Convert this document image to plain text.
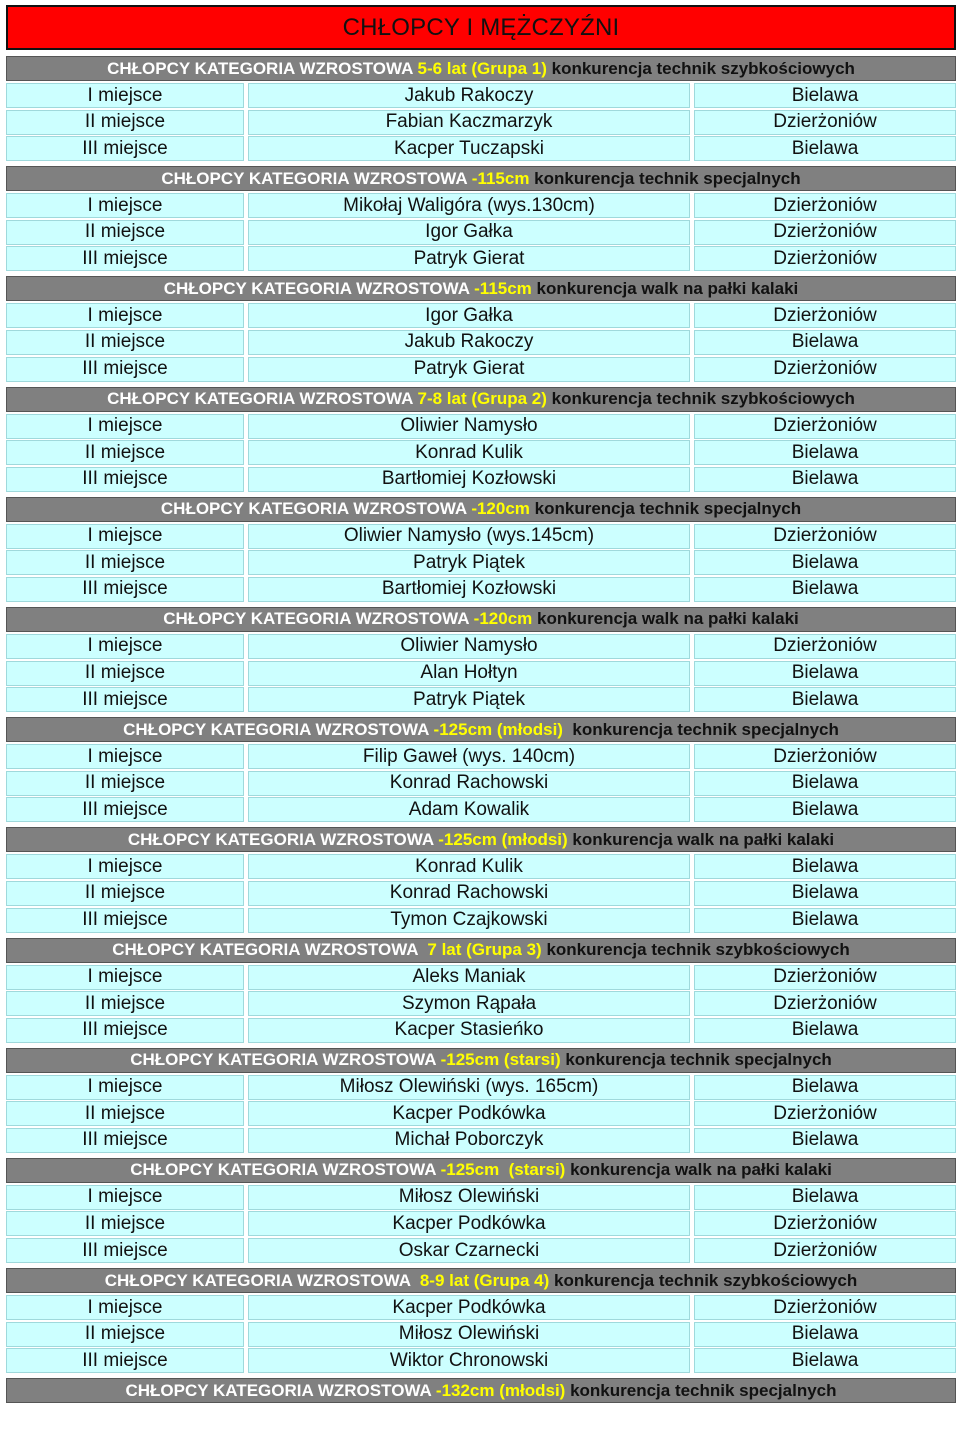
CHŁOPCY I MĘŻCZYŹNI
CHŁOPCY KATEGORIA WZROSTOWA 5-6 lat (Grupa 1) konkurencja technik szybkościowych
I miejsce	Jakub Rakoczy	Bielawa
II miejsce	Fabian Kaczmarzyk	Dzierżoniów
III miejsce	Kacper Tuczapski	Bielawa
CHŁOPCY KATEGORIA WZROSTOWA -115cm konkurencja technik specjalnych
I miejsce	Mikołaj Waligóra (wys.130cm)	Dzierżoniów
II miejsce	Igor Gałka	Dzierżoniów
III miejsce	Patryk Gierat	Dzierżoniów
CHŁOPCY KATEGORIA WZROSTOWA -115cm konkurencja walk na pałki kalaki
I miejsce	Igor Gałka	Dzierżoniów
II miejsce	Jakub Rakoczy	Bielawa
III miejsce	Patryk Gierat	Dzierżoniów
CHŁOPCY KATEGORIA WZROSTOWA 7-8 lat (Grupa 2) konkurencja technik szybkościowych
I miejsce	Oliwier Namysło	Dzierżoniów
II miejsce	Konrad Kulik	Bielawa
III miejsce	Bartłomiej Kozłowski	Bielawa
CHŁOPCY KATEGORIA WZROSTOWA -120cm konkurencja technik specjalnych
I miejsce	Oliwier Namysło (wys.145cm)	Dzierżoniów
II miejsce	Patryk Piątek	Bielawa
III miejsce	Bartłomiej Kozłowski	Bielawa
CHŁOPCY KATEGORIA WZROSTOWA -120cm konkurencja walk na pałki kalaki
I miejsce	Oliwier Namysło	Dzierżoniów
II miejsce	Alan Hołtyn	Bielawa
III miejsce	Patryk Piątek	Bielawa
CHŁOPCY KATEGORIA WZROSTOWA -125cm (młodsi) konkurencja technik specjalnych
I miejsce	Filip Gaweł (wys. 140cm)	Dzierżoniów
II miejsce	Konrad Rachowski	Bielawa
III miejsce	Adam Kowalik	Bielawa
CHŁOPCY KATEGORIA WZROSTOWA -125cm (młodsi) konkurencja walk na pałki kalaki
I miejsce	Konrad Kulik	Bielawa
II miejsce	Konrad Rachowski	Bielawa
III miejsce	Tymon Czajkowski	Bielawa
CHŁOPCY KATEGORIA WZROSTOWA 7 lat (Grupa 3) konkurencja technik szybkościowych
I miejsce	Aleks Maniak	Dzierżoniów
II miejsce	Szymon Rąpała	Dzierżoniów
III miejsce	Kacper Stasieńko	Bielawa
CHŁOPCY KATEGORIA WZROSTOWA -125cm (starsi) konkurencja technik specjalnych
I miejsce	Miłosz Olewiński (wys. 165cm)	Bielawa
II miejsce	Kacper Podkówka	Dzierżoniów
III miejsce	Michał Poborczyk	Bielawa
CHŁOPCY KATEGORIA WZROSTOWA -125cm  (starsi) konkurencja walk na pałki kalaki
I miejsce	Miłosz Olewiński	Bielawa
II miejsce	Kacper Podkówka	Dzierżoniów
III miejsce	Oskar Czarnecki	Dzierżoniów
CHŁOPCY KATEGORIA WZROSTOWA 8-9 lat (Grupa 4) konkurencja technik szybkościowych
I miejsce	Kacper Podkówka	Dzierżoniów
II miejsce	Miłosz Olewiński	Bielawa
III miejsce	Wiktor Chronowski	Bielawa
CHŁOPCY KATEGORIA WZROSTOWA -132cm (młodsi) konkurencja technik specjalnych
